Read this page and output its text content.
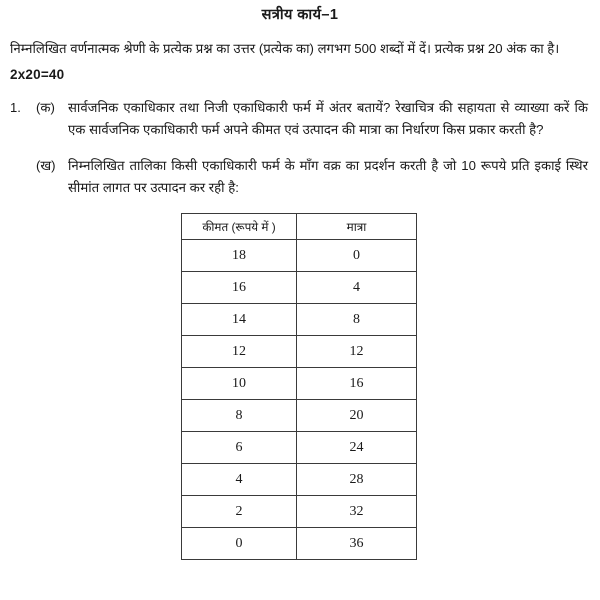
सत्रीय कार्य–1
निम्नलिखित वर्णनात्मक श्रेणी के प्रत्येक प्रश्न का उत्तर (प्रत्येक का) लगभग 500 शब्दों में दें। प्रत्येक प्रश्न 20 अंक का है।
2x20=40
1.	(क) सार्वजनिक एकाधिकार तथा निजी एकाधिकारी फर्म में अंतर बतायें? रेखाचित्र की सहायता से व्याख्या करें कि एक सार्वजनिक एकाधिकारी फर्म अपने कीमत एवं उत्पादन की मात्रा का निर्धारण किस प्रकार करती है?
(ख) निम्नलिखित तालिका किसी एकाधिकारी फर्म के माँग वक्र का प्रदर्शन करती है जो 10 रूपये प्रति इकाई स्थिर सीमांत लागत पर उत्पादन कर रही है:
कीमत (रूपये में )	मात्रा
18	0
16	4
14	8
12	12
10	16
8	20
6	24
4	28
2	32
0	36
